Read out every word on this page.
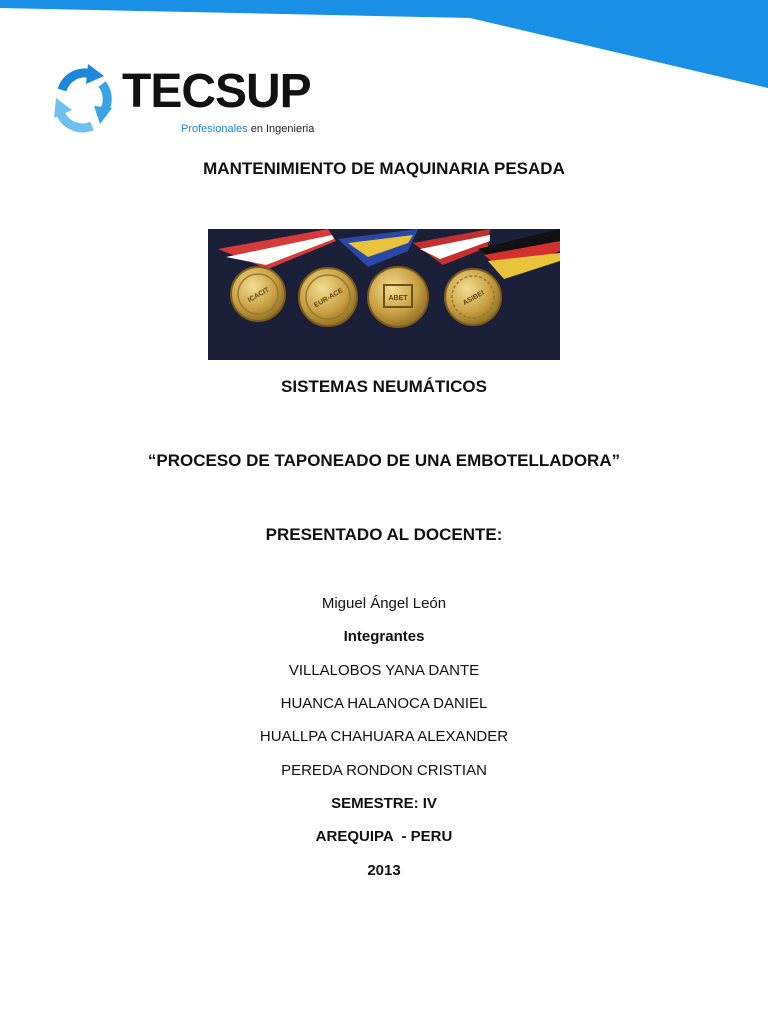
TECSUP
Profesionales en Ingenieria
MANTENIMIENTO DE MAQUINARIA PESADA
ICACIT	EUR-ACE	ABET	ASIBEI
SISTEMAS NEUMÁTICOS
“PROCESO DE TAPONEADO DE UNA EMBOTELLADORA”
PRESENTADO AL DOCENTE:
Miguel Ángel León
Integrantes
VILLALOBOS YANA DANTE
HUANCA HALANOCA DANIEL
HUALLPA CHAHUARA ALEXANDER
PEREDA RONDON CRISTIAN
SEMESTRE: IV
AREQUIPA  - PERU
2013
